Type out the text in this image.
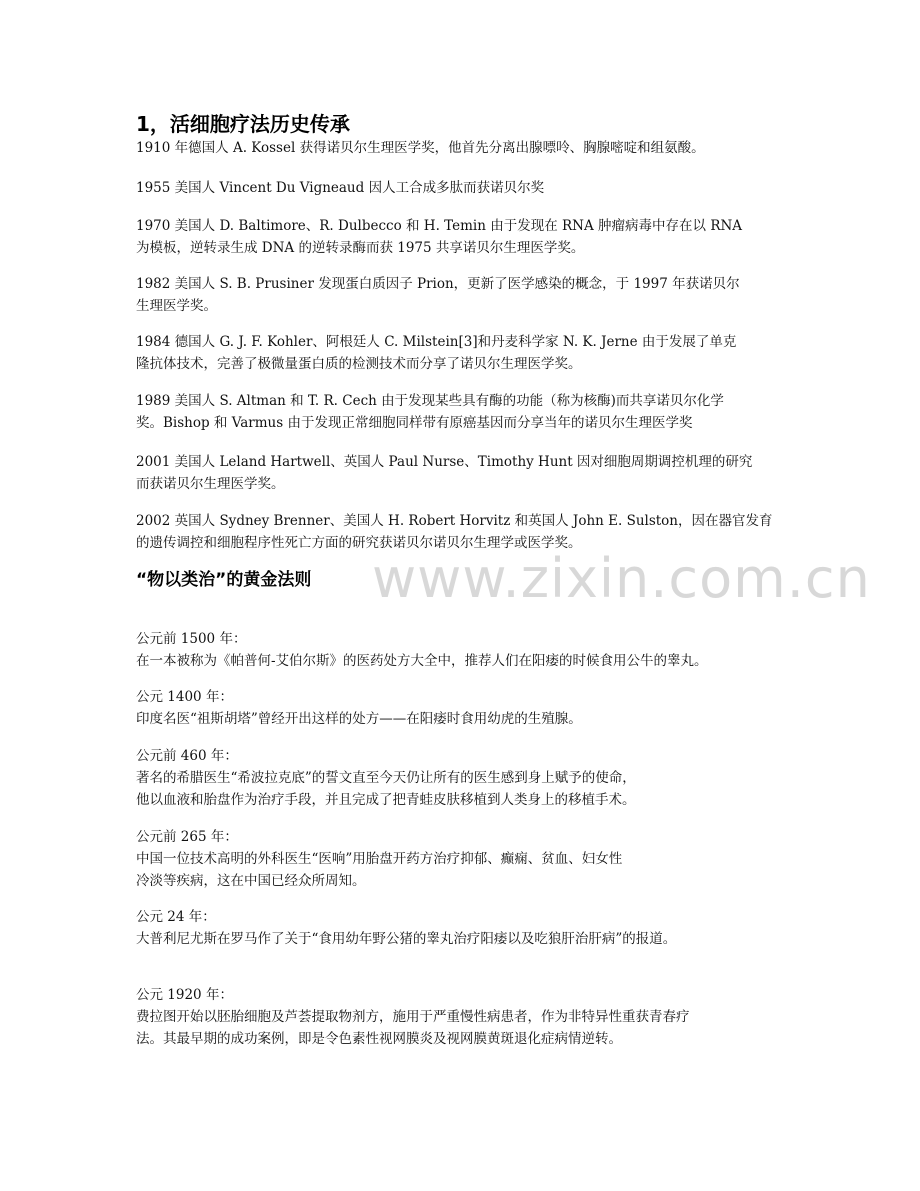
1，活细胞疗法历史传承
1910 年德国人 A. Kossel 获得诺贝尔生理医学奖，他首先分离出腺嘌呤、胸腺嘧啶和组氨酸。
1955 美国人 Vincent Du Vigneaud 因人工合成多肽而获诺贝尔奖
1970 美国人 D. Baltimore、R. Dulbecco 和 H. Temin 由于发现在 RNA 肿瘤病毒中存在以 RNA
为模板，逆转录生成 DNA 的逆转录酶而获 1975 共享诺贝尔生理医学奖。
1982 美国人 S. B. Prusiner 发现蛋白质因子 Prion，更新了医学感染的概念，于 1997 年获诺贝尔
生理医学奖。
1984 德国人 G. J. F. Kohler、阿根廷人 C. Milstein[3]和丹麦科学家 N. K. Jerne 由于发展了单克
隆抗体技术，完善了极微量蛋白质的检测技术而分享了诺贝尔生理医学奖。
1989 美国人 S. Altman 和 T. R. Cech 由于发现某些具有酶的功能（称为核酶)而共享诺贝尔化学
奖。Bishop 和 Varmus 由于发现正常细胞同样带有原癌基因而分享当年的诺贝尔生理医学奖
2001 美国人 Leland Hartwell、英国人 Paul Nurse、Timothy Hunt 因对细胞周期调控机理的研究
而获诺贝尔生理医学奖。
2002 英国人 Sydney Brenner、美国人 H. Robert Horvitz 和英国人 John E. Sulston，因在器官发育
的遗传调控和细胞程序性死亡方面的研究获诺贝尔诺贝尔生理学或医学奖。
www.zixin.com.cn
“物以类治”的黄金法则
公元前 1500 年：
在一本被称为《帕普何-艾伯尔斯》的医药处方大全中，推荐人们在阳痿的时候食用公牛的睾丸。
公元 1400 年：
印度名医“祖斯胡塔”曾经开出这样的处方——在阳痿时食用幼虎的生殖腺。
公元前 460 年：
著名的希腊医生“希波拉克底”的誓文直至今天仍让所有的医生感到身上赋予的使命，
他以血液和胎盘作为治疗手段，并且完成了把青蛙皮肤移植到人类身上的移植手术。
公元前 265 年：
中国一位技术高明的外科医生“医响”用胎盘开药方治疗抑郁、癫痫、贫血、妇女性
冷淡等疾病，这在中国已经众所周知。
公元 24 年：
大普利尼尤斯在罗马作了关于“食用幼年野公猪的睾丸治疗阳痿以及吃狼肝治肝病”的报道。
公元 1920 年：
费拉图开始以胚胎细胞及芦荟提取物剂方，施用于严重慢性病患者，作为非特异性重获青春疗
法。其最早期的成功案例，即是令色素性视网膜炎及视网膜黄斑退化症病情逆转。
